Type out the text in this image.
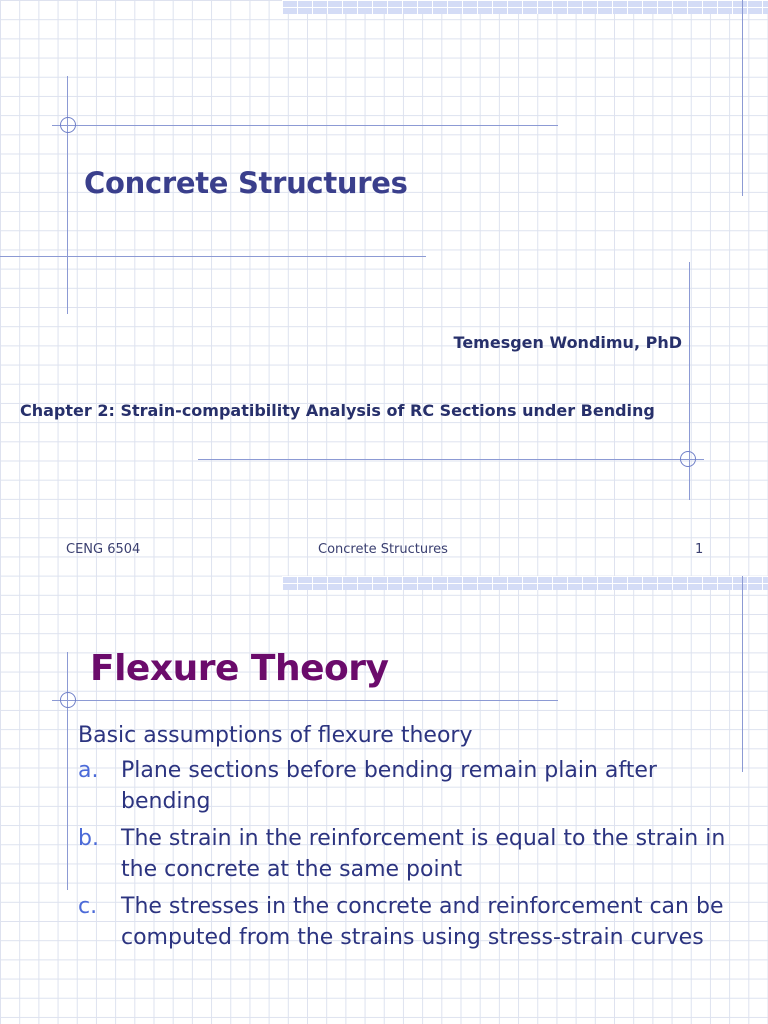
Concrete Structures
Temesgen Wondimu, PhD
Chapter 2: Strain-compatibility Analysis of RC Sections under Bending
CENG 6504	Concrete Structures	1
Flexure Theory

Basic assumptions of flexure theory

a.	Plane sections before bending remain plain after bending
b.	The strain in the reinforcement is equal to the strain in the concrete at the same point
c.	The stresses in the concrete and reinforcement can be computed from the strains using stress-strain curves
